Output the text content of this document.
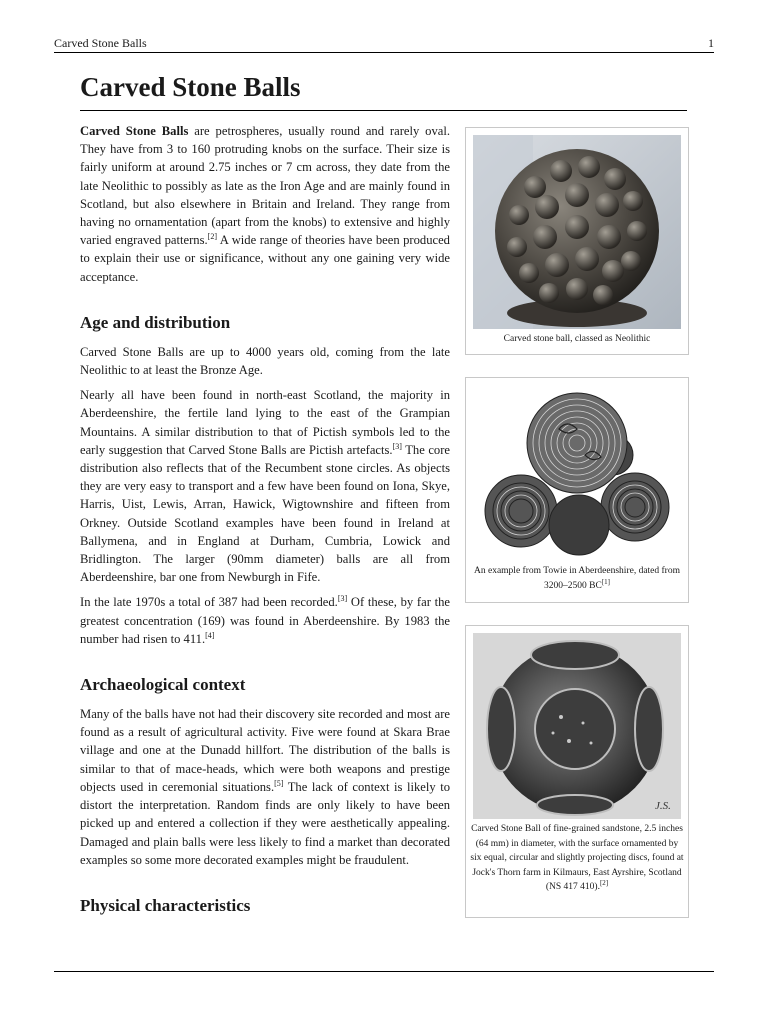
Carved Stone Balls	1
Carved Stone Balls

Carved Stone Balls are petrospheres, usually round and rarely oval. They have from 3 to 160 protruding knobs on the surface. Their size is fairly uniform at around 2.75 inches or 7 cm across, they date from the late Neolithic to possibly as late as the Iron Age and are mainly found in Scotland, but also elsewhere in Britain and Ireland. They range from having no ornamentation (apart from the knobs) to extensive and highly varied engraved patterns.[2] A wide range of theories have been produced to explain their use or significance, without any one gaining very wide acceptance.

Age and distribution

Carved Stone Balls are up to 4000 years old, coming from the late Neolithic to at least the Bronze Age.

Nearly all have been found in north-east Scotland, the majority in Aberdeenshire, the fertile land lying to the east of the Grampian Mountains. A similar distribution to that of Pictish symbols led to the early suggestion that Carved Stone Balls are Pictish artefacts.[3] The core distribution also reflects that of the Recumbent stone circles. As objects they are very easy to transport and a few have been found on Iona, Skye, Harris, Uist, Lewis, Arran, Hawick, Wigtownshire and fifteen from Orkney. Outside Scotland examples have been found in Ireland at Ballymena, and in England at Durham, Cumbria, Lowick and Bridlington. The larger (90mm diameter) balls are all from Aberdeenshire, bar one from Newburgh in Fife.

In the late 1970s a total of 387 had been recorded.[3] Of these, by far the greatest concentration (169) was found in Aberdeenshire. By 1983 the number had risen to 411.[4]

Archaeological context

Many of the balls have not had their discovery site recorded and most are found as a result of agricultural activity. Five were found at Skara Brae village and one at the Dunadd hillfort. The distribution of the balls is similar to that of mace-heads, which were both weapons and prestige objects used in ceremonial situations.[5] The lack of context is likely to distort the interpretation. Random finds are only likely to have been picked up and entered a collection if they were aesthetically appealing. Damaged and plain balls were less likely to find a market than decorated examples so some more decorated examples might be fraudulent.

Physical characteristics
Carved stone ball, classed as Neolithic
An example from Towie in Aberdeenshire, dated from 3200–2500 BC[1]
J.S.
Carved Stone Ball of fine-grained sandstone, 2.5 inches (64 mm) in diameter, with the surface ornamented by six equal, circular and slightly projecting discs, found at Jock's Thorn farm in Kilmaurs, East Ayrshire, Scotland (NS 417 410).[2]
